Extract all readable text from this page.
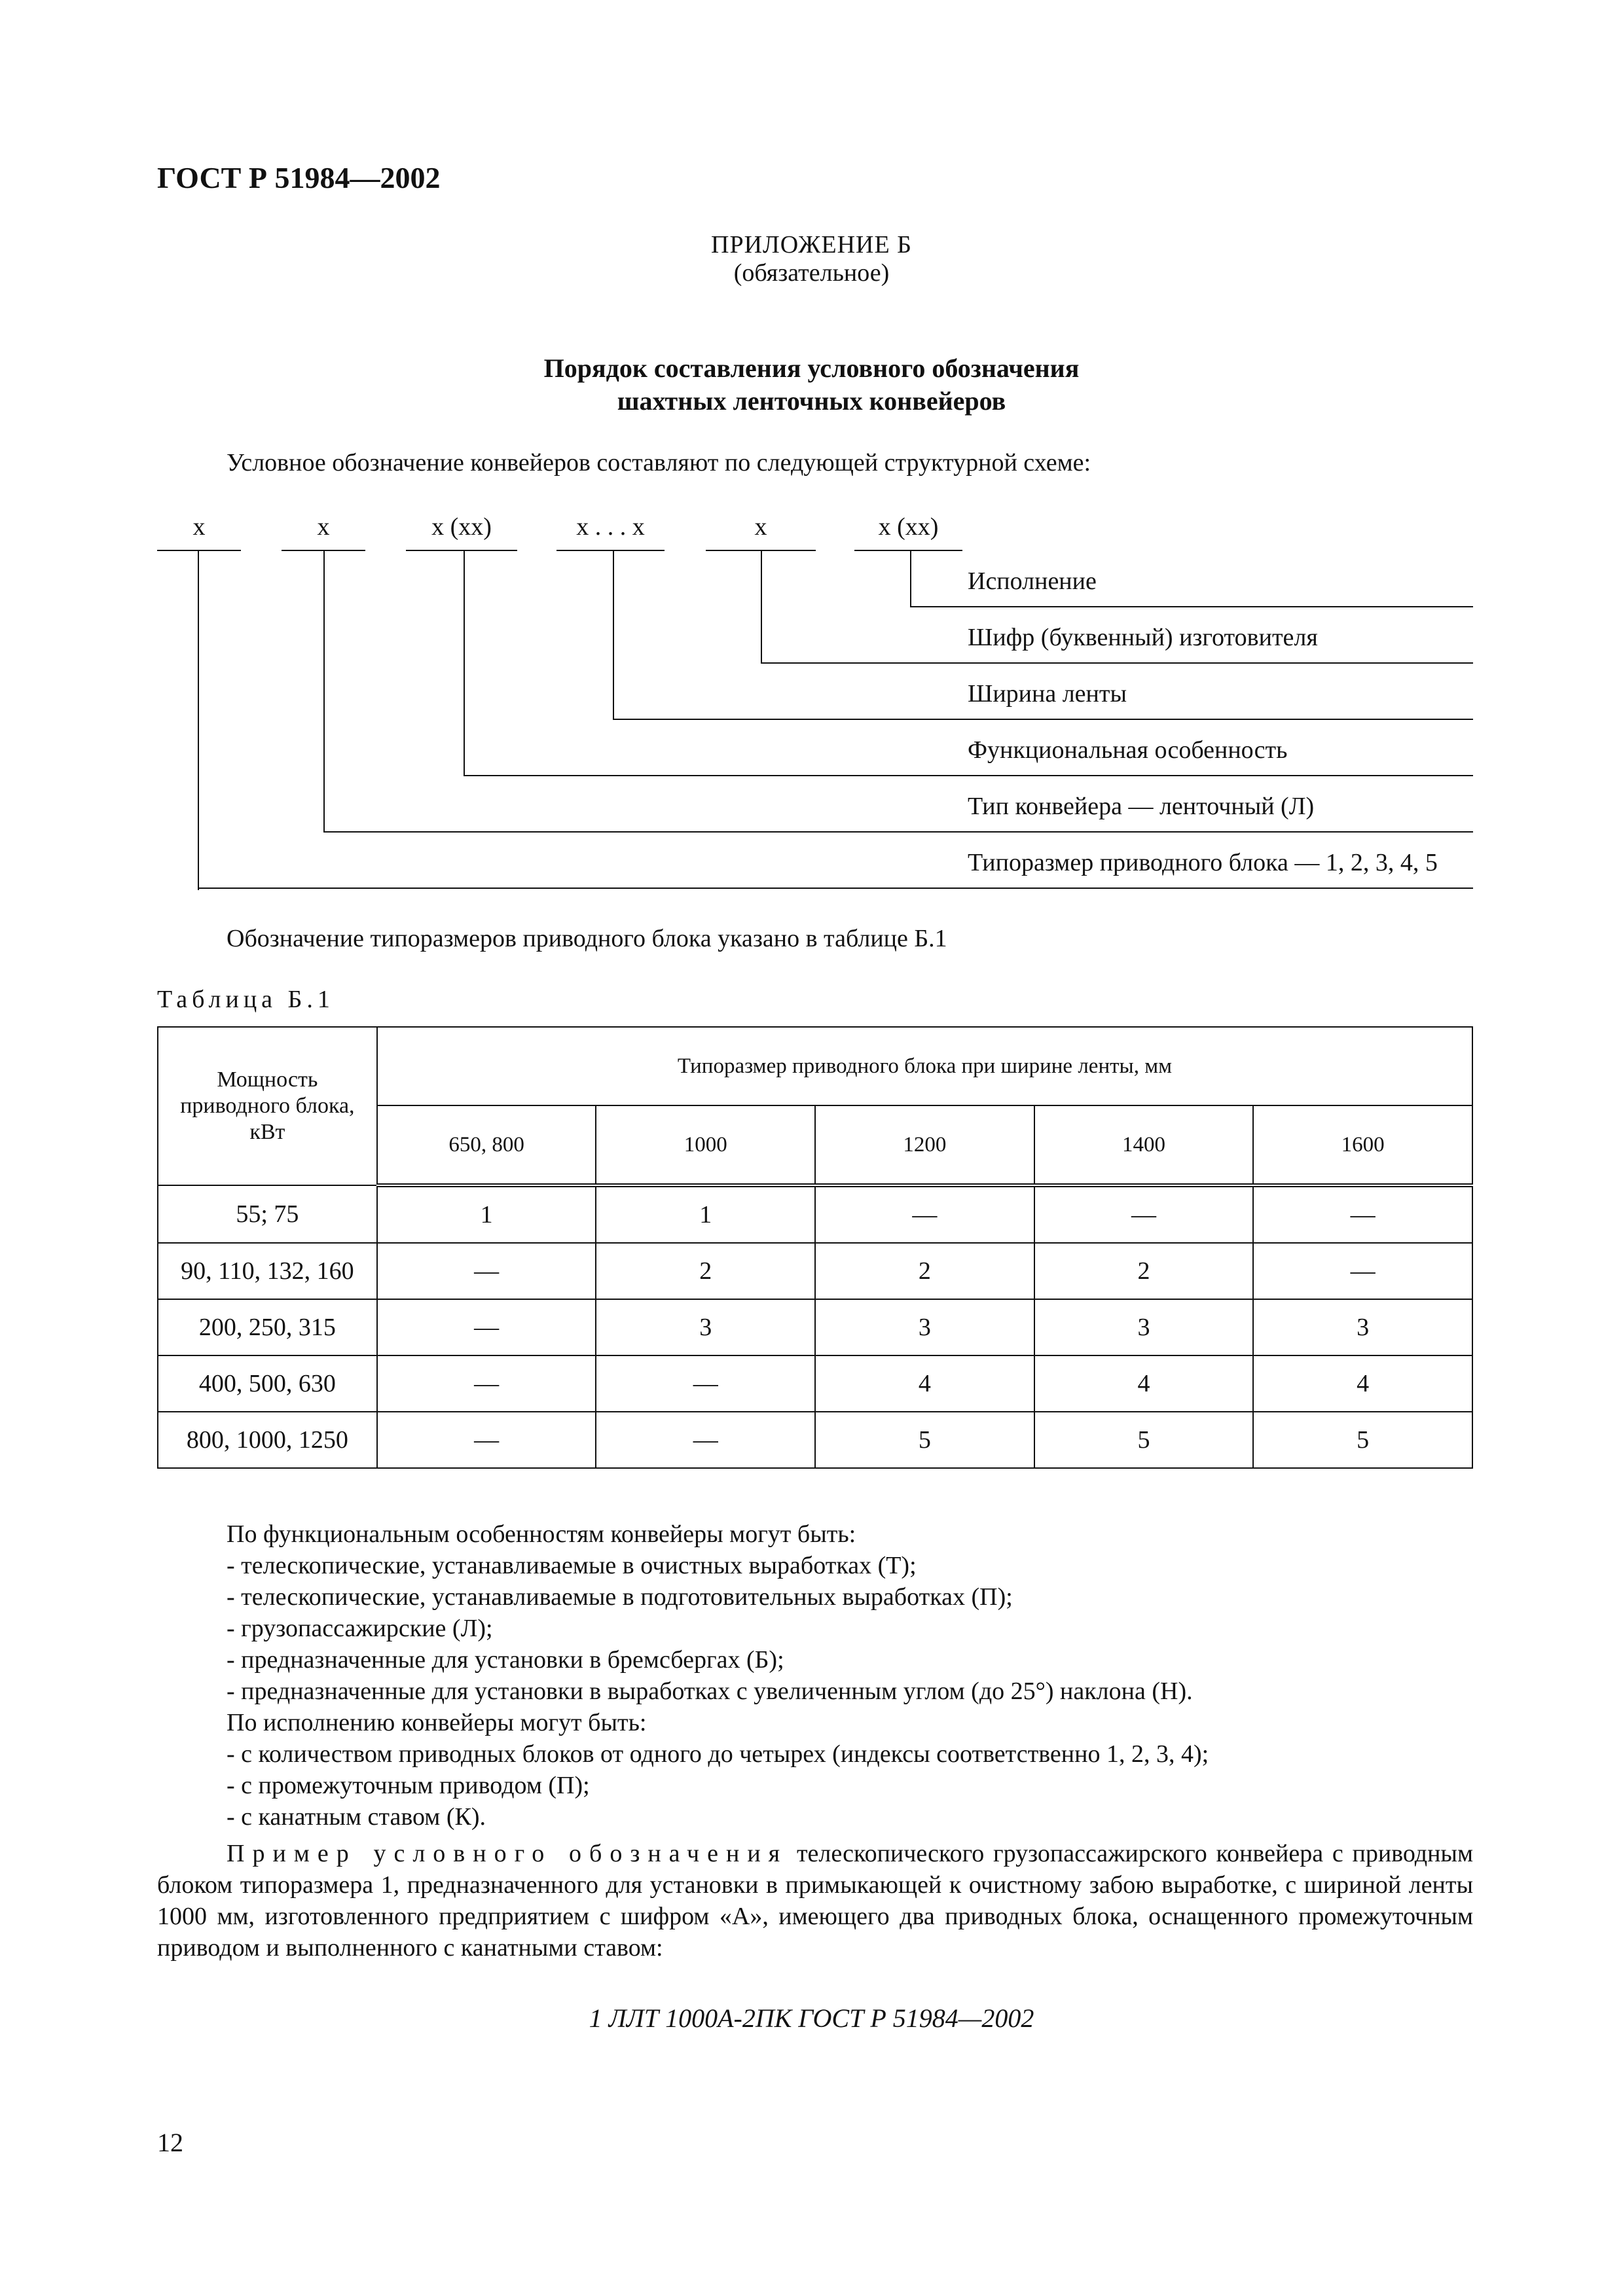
ГОСТ Р 51984—2002
ПРИЛОЖЕНИЕ Б
(обязательное)
Порядок составления условного обозначения
шахтных ленточных конвейеров
Условное обозначение конвейеров составляют по следующей структурной схеме:
х	х	х (хх)	х . . . х	х	х (хх)
Исполнение
Шифр (буквенный) изготовителя
Ширина ленты
Функциональная особенность
Тип конвейера — ленточный (Л)
Типоразмер приводного блока — 1, 2, 3, 4, 5
Обозначение типоразмеров приводного блока указано в таблице Б.1
Таблица Б.1
Мощность приводного блока, кВт	Типоразмер приводного блока при ширине ленты, мм				
	650, 800	1000	1200	1400	1600
55; 75	1	1	—	—	—
90, 110, 132, 160	—	2	2	2	—
200, 250, 315	—	3	3	3	3
400, 500, 630	—	—	4	4	4
800, 1000, 1250	—	—	5	5	5
По функциональным особенностям конвейеры могут быть:
- телескопические, устанавливаемые в очистных выработках (Т);
- телескопические, устанавливаемые в подготовительных выработках (П);
- грузопассажирские (Л);
- предназначенные для установки в бремсбергах (Б);
- предназначенные для установки в выработках с увеличенным углом (до 25°) наклона (Н).
По исполнению конвейеры могут быть:
- с количеством приводных блоков от одного до четырех (индексы соответственно 1, 2, 3, 4);
- с промежуточным приводом (П);
- с канатным ставом (К).
Пример условного обозначения телескопического грузопассажирского конвейера с приводным блоком типоразмера 1, предназначенного для установки в примыкающей к очистному забою выработке, с шириной ленты 1000 мм, изготовленного предприятием с шифром «А», имеющего два приводных блока, оснащенного промежуточным приводом и выполненного с канатными ставом:
1 ЛЛТ 1000А-2ПК ГОСТ Р 51984—2002
12
